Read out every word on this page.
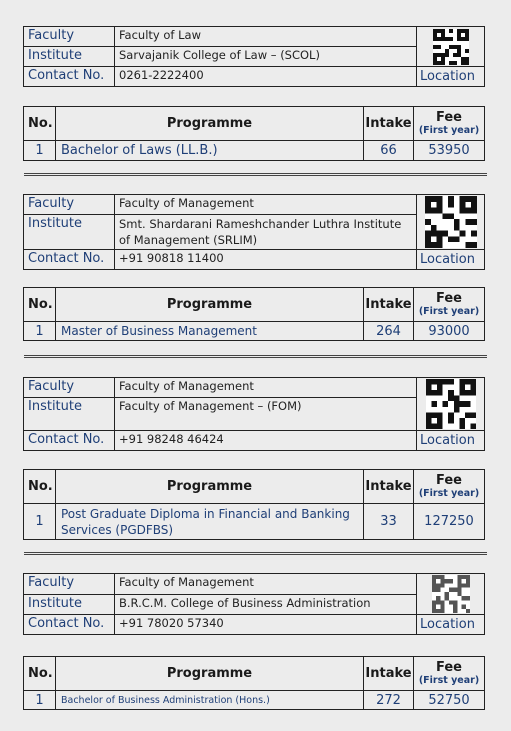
Faculty	Faculty of Law	

Institute	Sarvajanik College of Law – (SCOL)	
Contact No.	0261-2222400	Location
No.	Programme	Intake	Fee
(First year)

1	Bachelor of Laws (LL.B.)	66	53950
Faculty	Faculty of Management	

Institute	Smt. Shardarani Rameshchander Luthra Institute of Management (SRLIM)	
Contact No.	+91 90818 11400	Location
No.	Programme	Intake	Fee
(First year)

1	Master of Business Management	264	93000
Faculty	Faculty of Management	

Institute	Faculty of Management – (FOM)	
Contact No.	+91 98248 46424	Location
No.	Programme	Intake	Fee
(First year)

1	Post Graduate Diploma in Financial and Banking Services (PGDFBS)	33	127250
Faculty	Faculty of Management	

Institute	B.R.C.M. College of Business Administration	
Contact No.	+91 78020 57340	Location
No.	Programme	Intake	Fee
(First year)

1	Bachelor of Business Administration (Hons.)	272	52750
